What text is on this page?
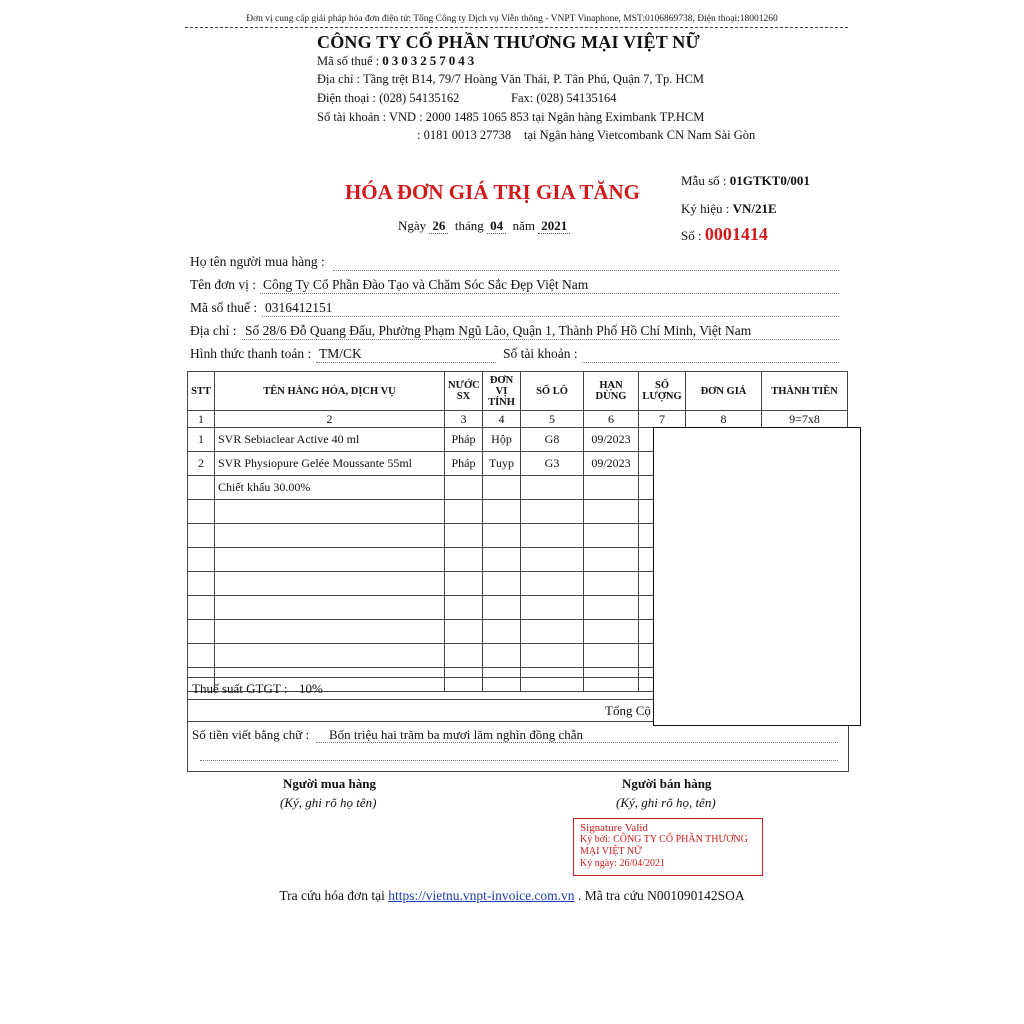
Đơn vị cung cấp giải pháp hóa đơn điện tử: Tổng Công ty Dịch vụ Viễn thông - VNPT Vinaphone, MST:0106869738, Điện thoại:18001260
CÔNG TY CỔ PHẦN THƯƠNG MẠI VIỆT NỮ
Mã số thuế : 0303257043
Địa chỉ : Tầng trệt B14, 79/7 Hoàng Văn Thái, P. Tân Phú, Quận 7, Tp. HCM
Điện thoại : (028) 54135162	Fax: (028) 54135164
Số tài khoản : VND : 2000 1485 1065 853 tại Ngân hàng Eximbank TP.HCM
: 0181 0013 27738 tại Ngân hàng Vietcombank CN Nam Sài Gòn
HÓA ĐƠN GIÁ TRỊ GIA TĂNG
Ngày 26 tháng 04 năm 2021
Mẫu số : 01GTKT0/001
Ký hiệu : VN/21E
Số : 0001414
Họ tên người mua hàng :
Tên đơn vị : Công Ty Cổ Phần Đào Tạo và Chăm Sóc Sắc Đẹp Việt Nam
Mã số thuế : 0316412151
Địa chỉ : Số 28/6 Đỗ Quang Đẩu, Phường Phạm Ngũ Lão, Quận 1, Thành Phố Hồ Chí Minh, Việt Nam
Hình thức thanh toán : TM/CK	Số tài khoản :
STT	TÊN HÀNG HÓA, DỊCH VỤ	NƯỚC SX	ĐƠN VỊ TÍNH	SỐ LÔ	HẠN DÙNG	SỐ LƯỢNG	ĐƠN GIÁ	THÀNH TIỀN
1	2	3	4	5	6	7	8	9=7x8
1	SVR Sebiaclear Active 40 ml	Pháp	Hộp	G8	09/2023			
2	SVR Physiopure Gelée Moussante 55ml	Pháp	Tuyp	G3	09/2023			
	Chiết khấu 30.00%							

Thuế suất GTGT : 10%
Tổng Cộ
Số tiền viết bằng chữ : Bốn triệu hai trăm ba mươi lăm nghìn đồng chẵn
Người mua hàng
(Ký, ghi rõ họ tên)
Người bán hàng
(Ký, ghi rõ họ, tên)
Signature Valid
Ký bởi: CÔNG TY CỔ PHẦN THƯƠNG
MẠI VIỆT NỮ
Ký ngày: 26/04/2021
Tra cứu hóa đơn tại https://vietnu.vnpt-invoice.com.vn . Mã tra cứu N001090142SOA
